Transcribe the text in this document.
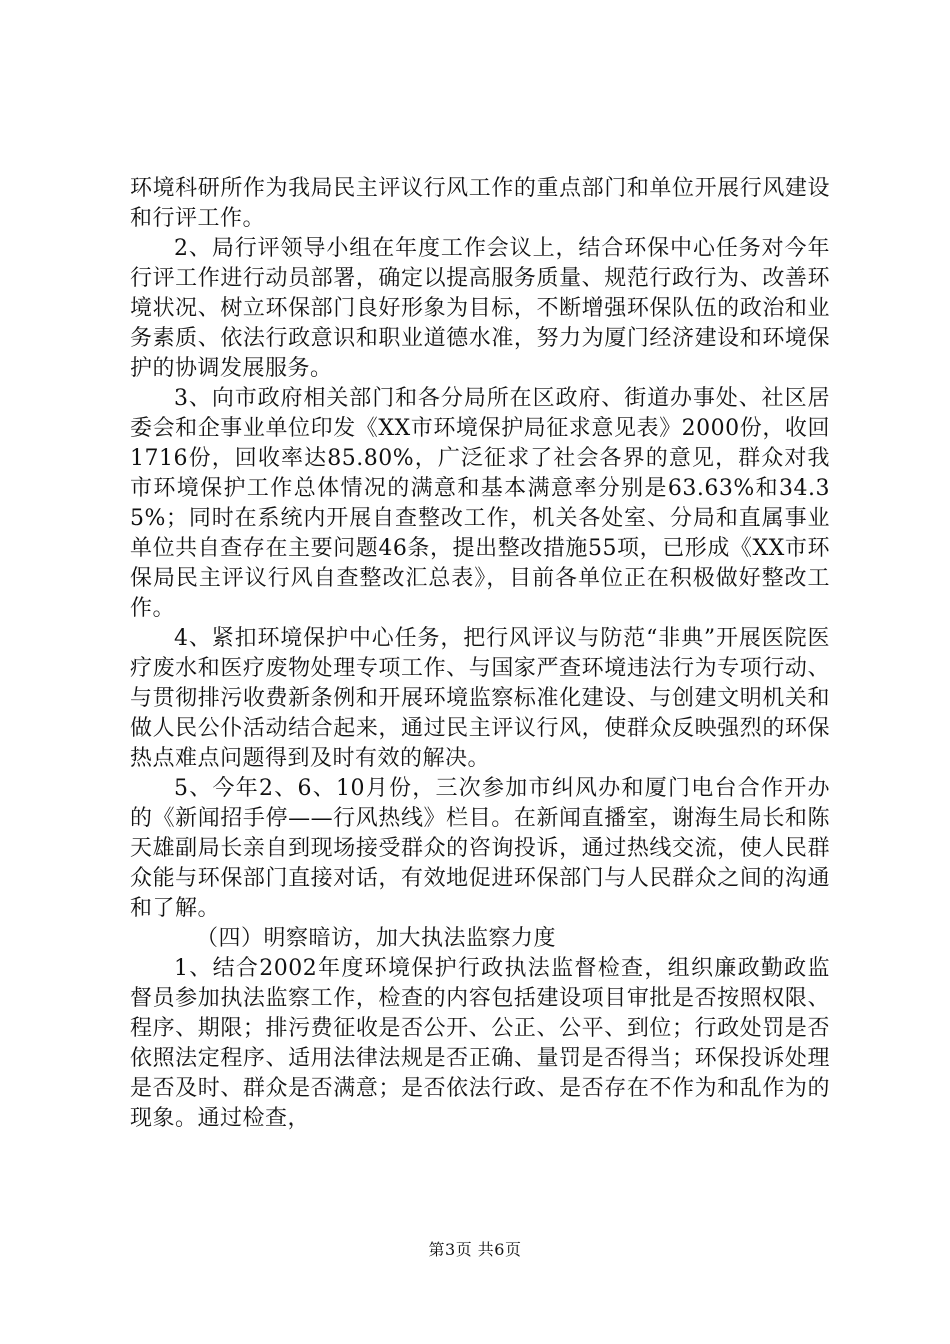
环境科研所作为我局民主评议行风工作的重点部门和单位开展行风建设和行评工作。

2、局行评领导小组在年度工作会议上，结合环保中心任务对今年行评工作进行动员部署，确定以提高服务质量、规范行政行为、改善环境状况、树立环保部门良好形象为目标，不断增强环保队伍的政治和业务素质、依法行政意识和职业道德水准，努力为厦门经济建设和环境保护的协调发展服务。

3、向市政府相关部门和各分局所在区政府、街道办事处、社区居委会和企事业单位印发《XX市环境保护局征求意见表》2000份，收回1716份，回收率达85.80%，广泛征求了社会各界的意见，群众对我市环境保护工作总体情况的满意和基本满意率分别是63.63%和34.35%；同时在系统内开展自查整改工作，机关各处室、分局和直属事业单位共自查存在主要问题46条，提出整改措施55项，已形成《XX市环保局民主评议行风自查整改汇总表》，目前各单位正在积极做好整改工作。

4、紧扣环境保护中心任务，把行风评议与防范“非典”开展医院医疗废水和医疗废物处理专项工作、与国家严查环境违法行为专项行动、与贯彻排污收费新条例和开展环境监察标准化建设、与创建文明机关和做人民公仆活动结合起来，通过民主评议行风，使群众反映强烈的环保热点难点问题得到及时有效的解决。

5、今年2、6、10月份，三次参加市纠风办和厦门电台合作开办的《新闻招手停——行风热线》栏目。在新闻直播室，谢海生局长和陈天雄副局长亲自到现场接受群众的咨询投诉，通过热线交流，使人民群众能与环保部门直接对话，有效地促进环保部门与人民群众之间的沟通和了解。

（四）明察暗访，加大执法监察力度

1、结合2002年度环境保护行政执法监督检查，组织廉政勤政监督员参加执法监察工作，检查的内容包括建设项目审批是否按照权限、程序、期限；排污费征收是否公开、公正、公平、到位；行政处罚是否依照法定程序、适用法律法规是否正确、量罚是否得当；环保投诉处理是否及时、群众是否满意；是否依法行政、是否存在不作为和乱作为的现象。通过检查，

第3页 共6页
